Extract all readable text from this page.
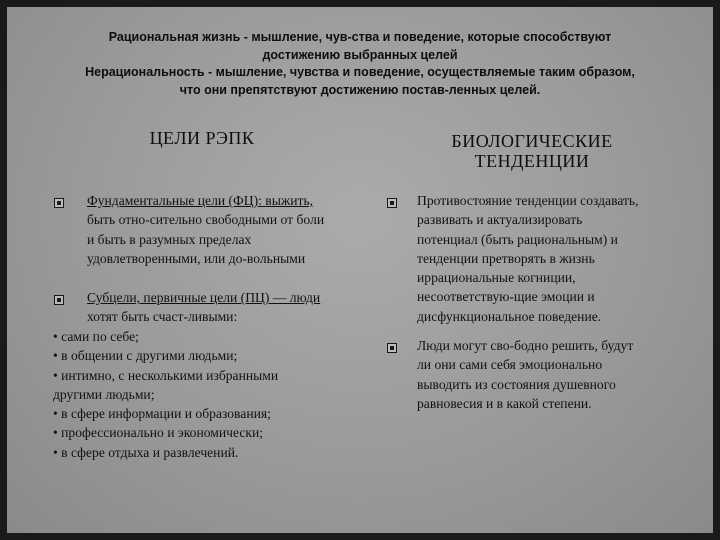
Рациональная жизнь - мышление, чув-ства и поведение, которые способствуют
достижению выбранных целей
Нерациональность - мышление, чувства и поведение, осуществляемые таким образом,
что они препятствуют достижению постав-ленных целей.
ЦЕЛИ РЭПК
Фундаментальные цели (ФЦ): выжить,
быть отно-сительно свободными от боли
и быть в разумных пределах
удовлетворенными, или до-вольными
Субцели, первичные цели (ПЦ) — люди
хотят быть счаст-ливыми:
• сами по себе;
• в общении с другими людьми;
• интимно, с несколькими избранными
другими людьми;
• в сфере информации и образования;
• профессионально и экономически;
• в сфере отдыха и развлечений.
БИОЛОГИЧЕСКИЕ
ТЕНДЕНЦИИ
Противостояние тенденции создавать,
развивать и актуализировать
потенциал (быть рациональным) и
тенденции претворять в жизнь
иррациональные когниции,
несоответствую-щие эмоции и
дисфункциональное поведение.
Люди могут сво-бодно решить, будут
ли они сами себя эмоционально
выводить из состояния душевного
равновесия и в какой степени.
